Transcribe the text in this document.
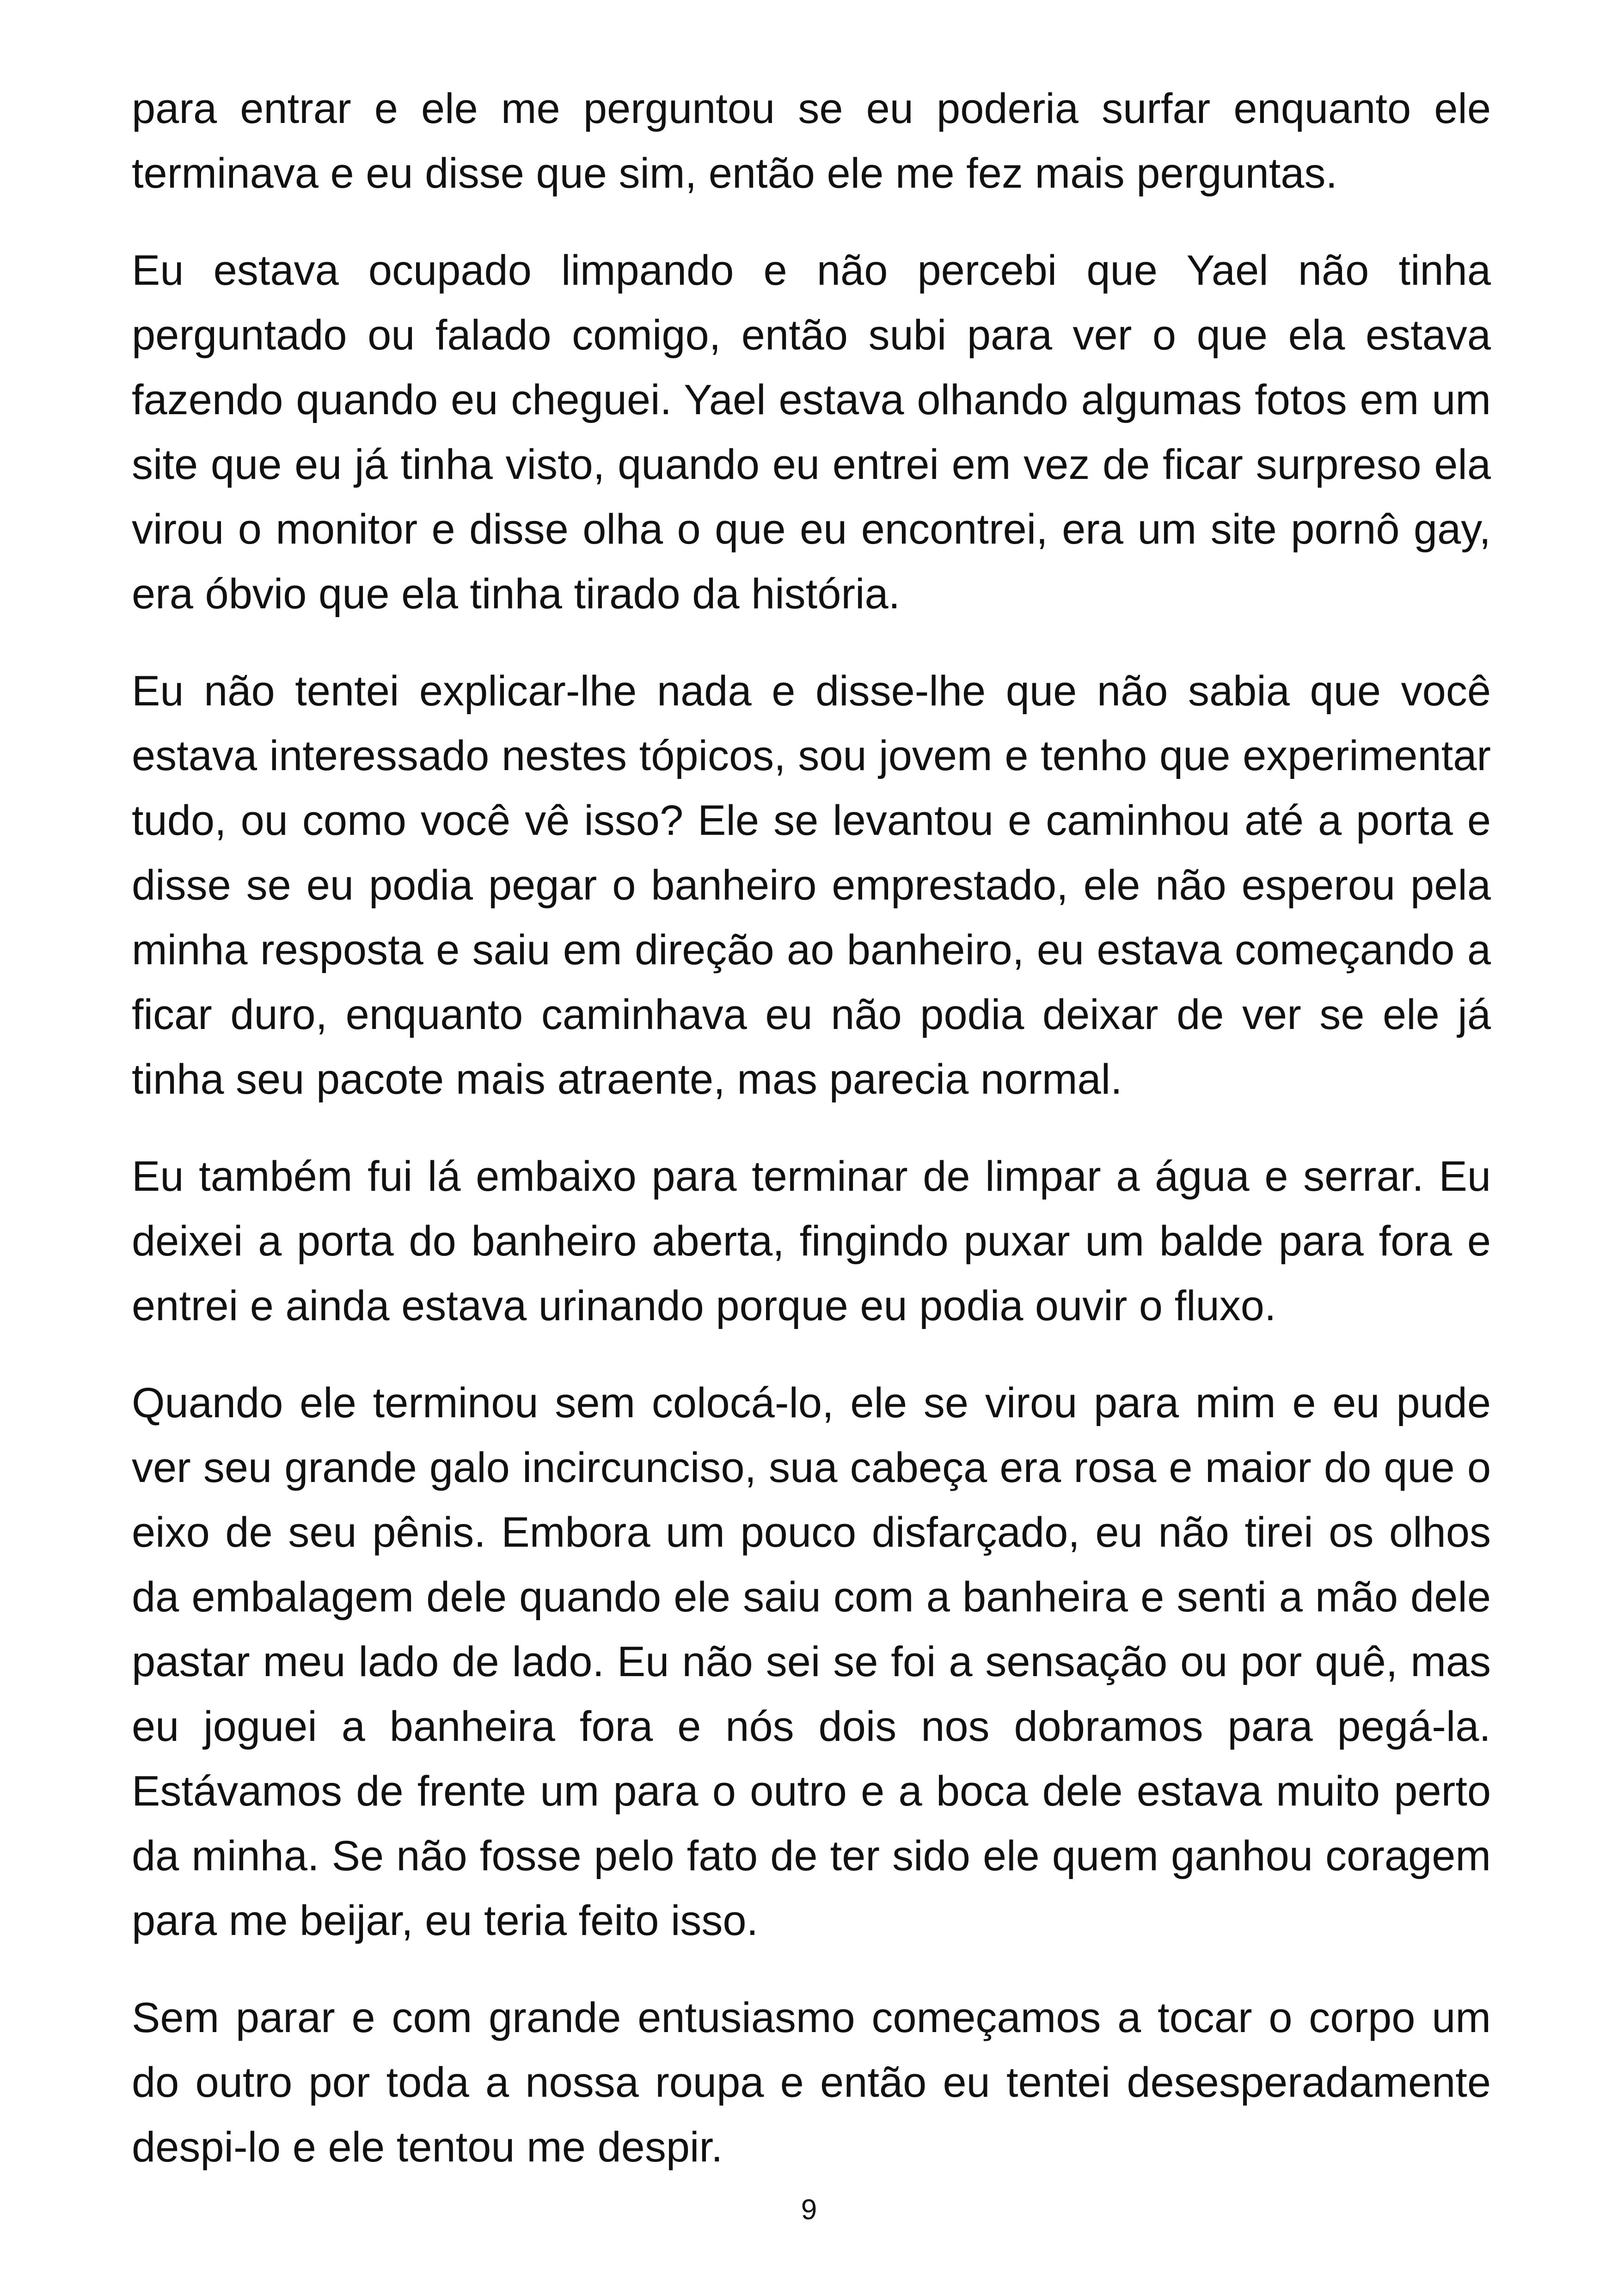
para entrar e ele me perguntou se eu poderia surfar enquanto ele terminava e eu disse que sim, então ele me fez mais perguntas.

Eu estava ocupado limpando e não percebi que Yael não tinha perguntado ou falado comigo, então subi para ver o que ela estava fazendo quando eu cheguei. Yael estava olhando algumas fotos em um site que eu já tinha visto, quando eu entrei em vez de ficar surpreso ela virou o monitor e disse olha o que eu encontrei, era um site pornô gay, era óbvio que ela tinha tirado da história.

Eu não tentei explicar-lhe nada e disse-lhe que não sabia que você estava interessado nestes tópicos, sou jovem e tenho que experimentar tudo, ou como você vê isso? Ele se levantou e caminhou até a porta e disse se eu podia pegar o banheiro emprestado, ele não esperou pela minha resposta e saiu em direção ao banheiro, eu estava começando a ficar duro, enquanto caminhava eu não podia deixar de ver se ele já tinha seu pacote mais atraente, mas parecia normal.

Eu também fui lá embaixo para terminar de limpar a água e serrar. Eu deixei a porta do banheiro aberta, fingindo puxar um balde para fora e entrei e ainda estava urinando porque eu podia ouvir o fluxo.

Quando ele terminou sem colocá-lo, ele se virou para mim e eu pude ver seu grande galo incircunciso, sua cabeça era rosa e maior do que o eixo de seu pênis. Embora um pouco disfarçado, eu não tirei os olhos da embalagem dele quando ele saiu com a banheira e senti a mão dele pastar meu lado de lado. Eu não sei se foi a sensação ou por quê, mas eu joguei a banheira fora e nós dois nos dobramos para pegá-la. Estávamos de frente um para o outro e a boca dele estava muito perto da minha. Se não fosse pelo fato de ter sido ele quem ganhou coragem para me beijar, eu teria feito isso.

Sem parar e com grande entusiasmo começamos a tocar o corpo um do outro por toda a nossa roupa e então eu tentei desesperadamente despi-lo e ele tentou me despir.

9
